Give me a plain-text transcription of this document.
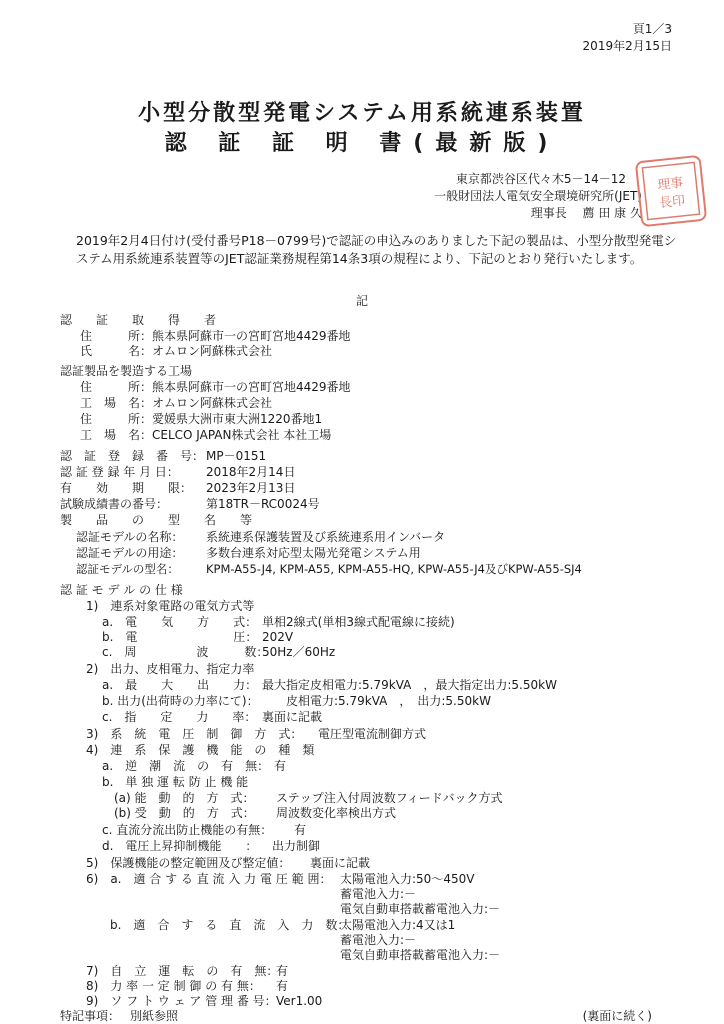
頁1／3
2019年2月15日
小型分散型発電システム用系統連系装置
認 証 証 明 書(最新版)
東京都渋谷区代々木5－14－12
一般財団法人電気安全環境研究所(JET)
理事長　 薦 田 康 久
理事
長印
2019年2月4日付け(受付番号P18－0799号)で認証の申込みのありました下記の製品は、小型分散型発電システム用系統連系装置等のJET認証業務規程第14条3項の規程により、下記のとおり発行いたします。
記
認　　証　　取　　得　　者
住　　　所： 熊本県阿蘇市一の宮町宮地4429番地
氏　　　名： オムロン阿蘇株式会社
認証製品を製造する工場
住　　　所： 熊本県阿蘇市一の宮町宮地4429番地
工　場　名： オムロン阿蘇株式会社
住　　　所： 愛媛県大洲市東大洲1220番地1
工　場　名： CELCO JAPAN株式会社 本社工場
認　証　登　録　番　号： MP－0151
認 証 登 録 年 月 日： 2018年2月14日
有　　効　　期　　限： 2023年2月13日
試験成績書の番号：	第18TR－RC0024号
製　　品　　の　　型　　名　　等
認証モデルの名称： 系統連系保護装置及び系統連系用インバータ
認証モデルの用途： 多数台連系対応型太陽光発電システム用
認証モデルの型名： KPM-A55-J4, KPM-A55, KPM-A55-HQ, KPW-A55-J4及びKPW-A55-SJ4
認 証 モ デ ル の 仕 様
1)　連系対象電路の電気方式等
a.　電　　気　　方　　式： 単相2線式(単相3線式配電線に接続)
b.　電　　　　　　　　圧： 202V
c.　周　　　　　波　　　数：
50Hz／60Hz
2)　出力、皮相電力、指定力率
a.　最　　大　　出　　力： 最大指定皮相電力:5.79kVA　，最大指定出力:5.50kW
b. 出力(出荷時の力率にて)： 皮相電力:5.79kVA　，　出力:5.50kW
c.　指　　定　　力　　率： 裏面に記載
3)　系　統　電　圧　制　御　方　式： 電圧型電流制御方式
4)　連　系　保　護　機　能　の　種　類
a.　逆　潮　流　の　有　無： 有
b.　単 独 運 転 防 止 機 能
(a) 能　動　的　方　式： ステップ注入付周波数フィードバック方式
(b) 受　動　的　方　式： 周波数変化率検出方式
c. 直流分流出防止機能の有無： 有
d.　電圧上昇抑制機能　　： 出力制御
5)　保護機能の整定範囲及び整定値： 裏面に記載
6)　a.　適 合 す る 直 流 入 力 電 圧 範 囲： 太陽電池入力:50～450V
蓄電池入力:－
電気自動車搭載蓄電池入力:－
b.　適　合　す　る　直　流　入　力　数：
太陽電池入力:4又は1
蓄電池入力:－
電気自動車搭載蓄電池入力:－
7)　自　立　運　転　の　有　無：
有
8)　力 率 一 定 制 御 の 有 無： 有
9)　ソ フ ト ウ ェ ア 管 理 番 号： Ver1.00
特記事項： 別紙参照	(裏面に続く)
